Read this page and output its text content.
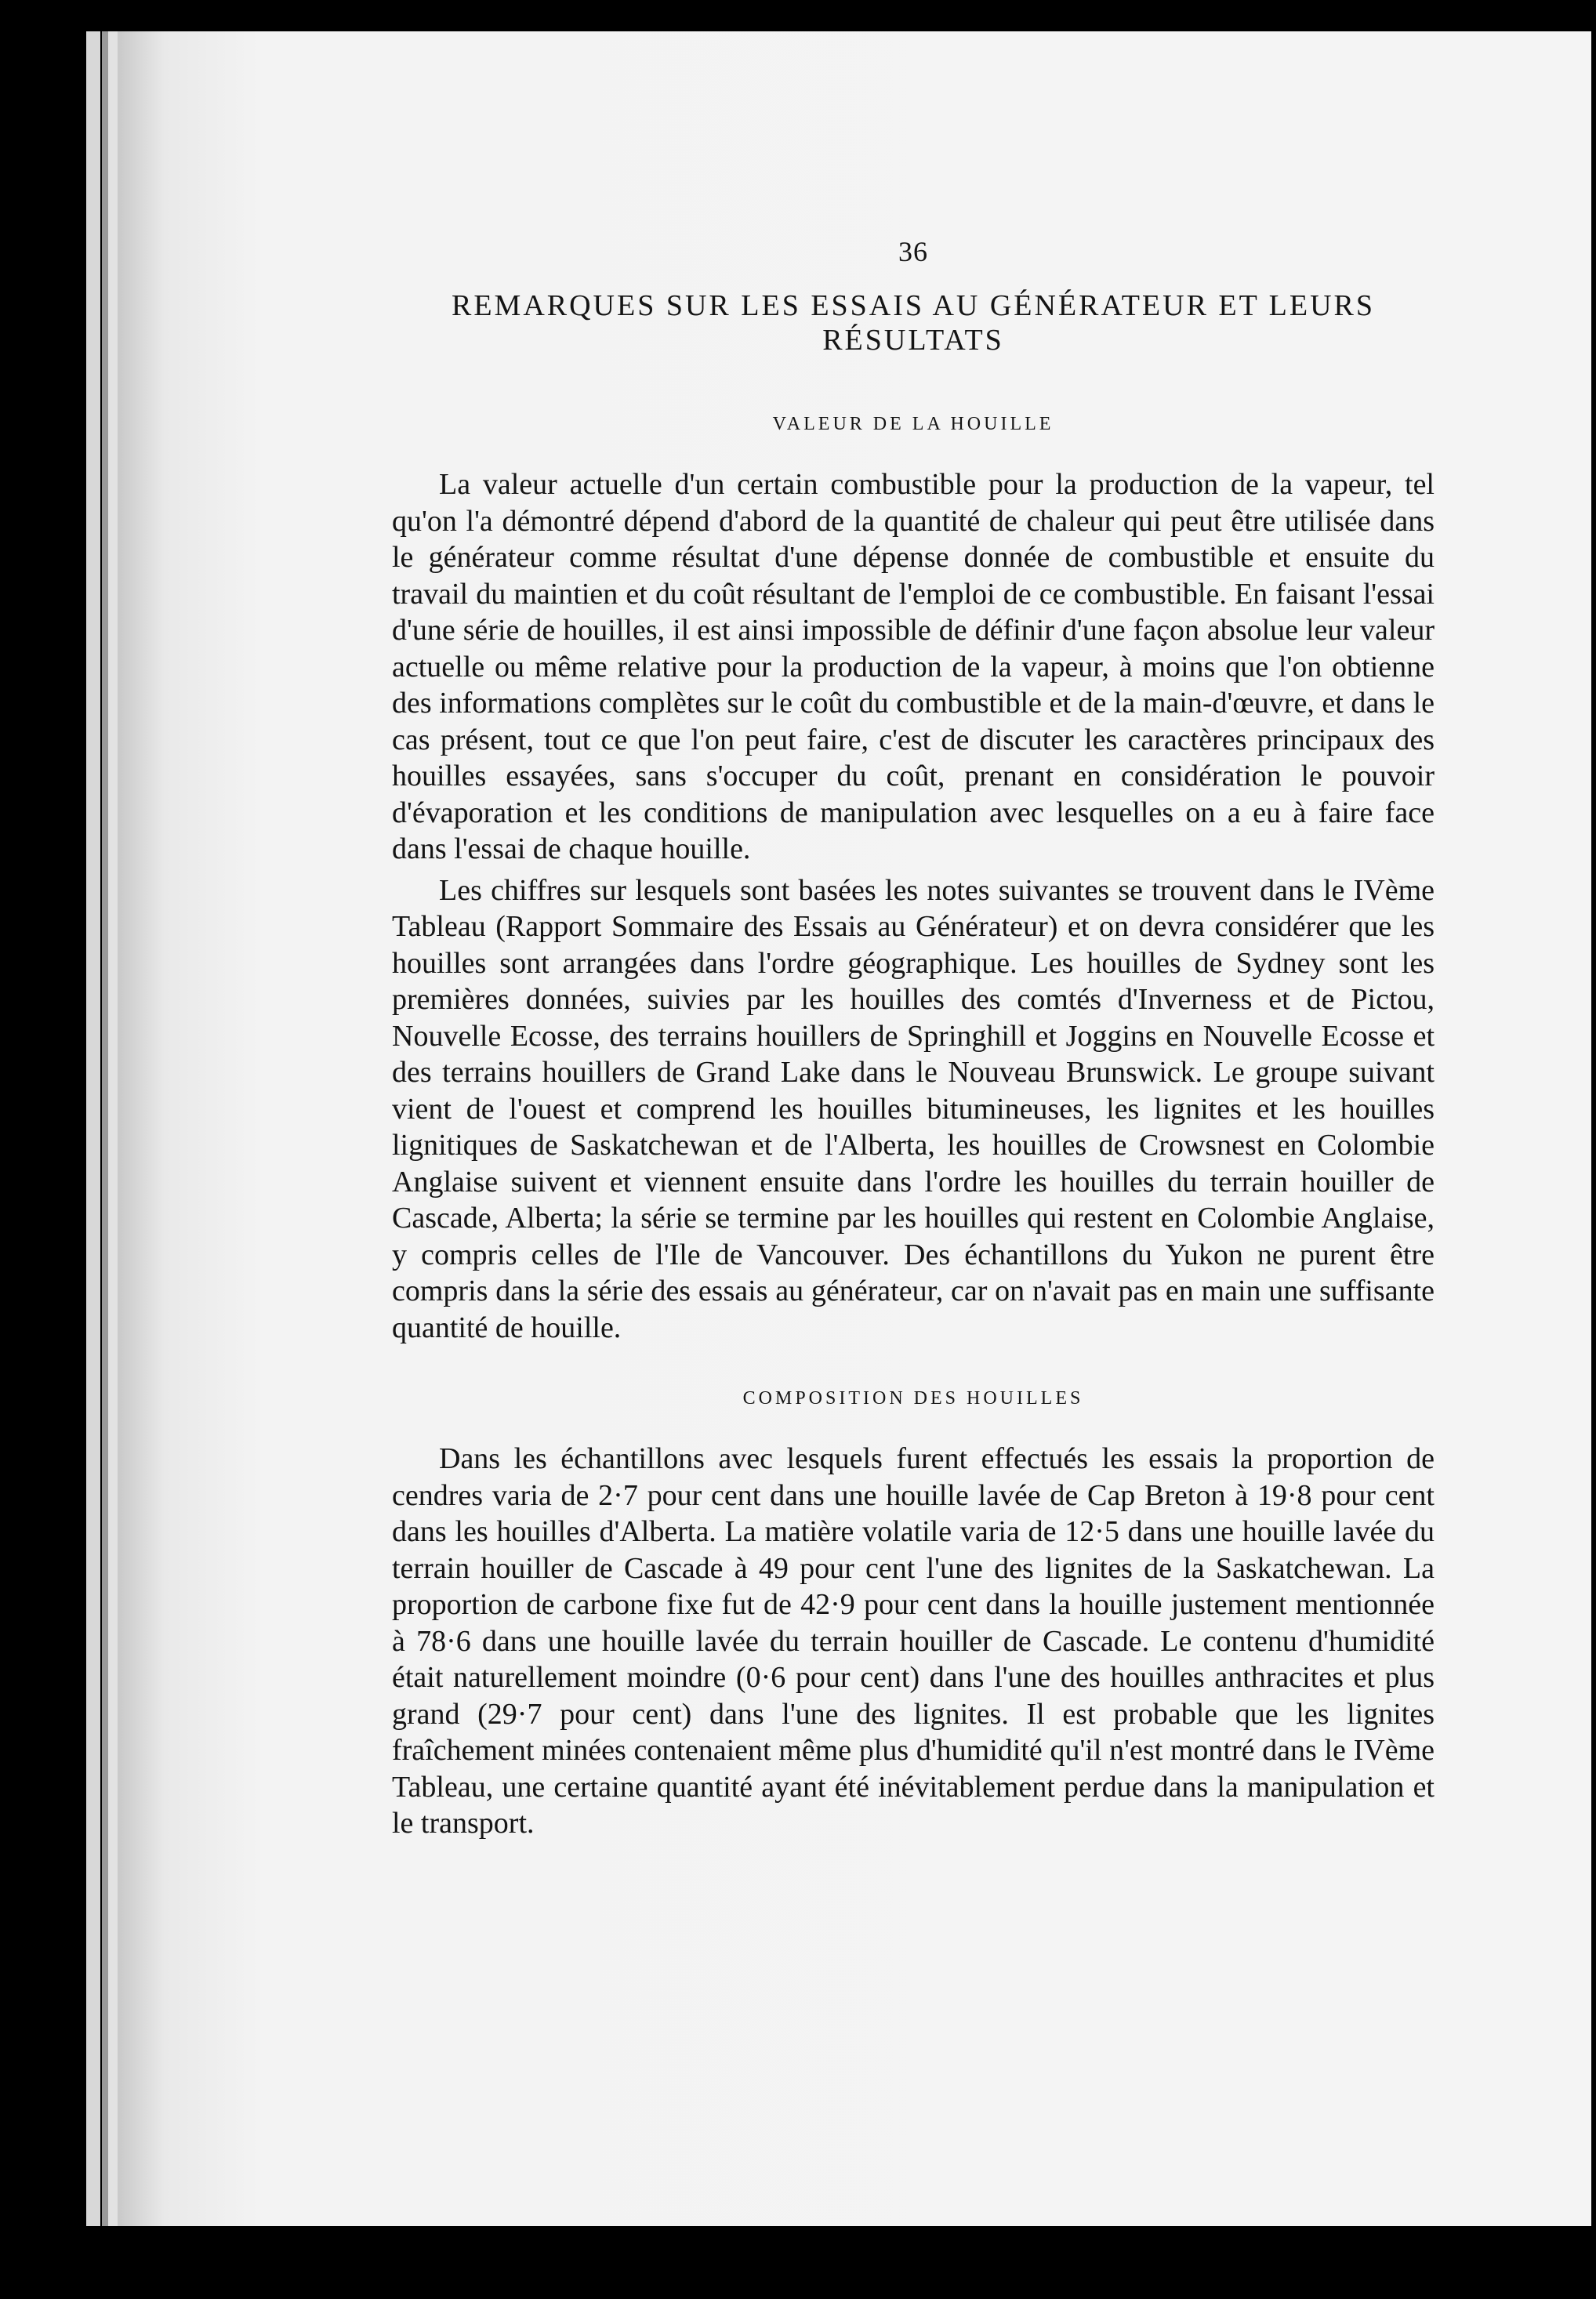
36
REMARQUES SUR LES ESSAIS AU GÉNÉRATEUR ET LEURS RÉSULTATS
VALEUR DE LA HOUILLE

La valeur actuelle d'un certain combustible pour la production de la vapeur, tel qu'on l'a démontré dépend d'abord de la quantité de chaleur qui peut être utilisée dans le générateur comme résultat d'une dépense donnée de combustible et ensuite du travail du maintien et du coût résultant de l'emploi de ce combustible. En faisant l'essai d'une série de houilles, il est ainsi impossible de définir d'une façon absolue leur valeur actuelle ou même relative pour la production de la vapeur, à moins que l'on obtienne des informations complètes sur le coût du combustible et de la main-d'œuvre, et dans le cas présent, tout ce que l'on peut faire, c'est de discuter les caractères principaux des houilles essayées, sans s'occuper du coût, prenant en considération le pouvoir d'évaporation et les conditions de manipulation avec lesquelles on a eu à faire face dans l'essai de chaque houille.

Les chiffres sur lesquels sont basées les notes suivantes se trouvent dans le IVème Tableau (Rapport Sommaire des Essais au Générateur) et on devra considérer que les houilles sont arrangées dans l'ordre géographique. Les houilles de Sydney sont les premières données, suivies par les houilles des comtés d'Inverness et de Pictou, Nouvelle Ecosse, des terrains houillers de Springhill et Joggins en Nouvelle Ecosse et des terrains houillers de Grand Lake dans le Nouveau Brunswick. Le groupe suivant vient de l'ouest et comprend les houilles bitumineuses, les lignites et les houilles lignitiques de Saskatchewan et de l'Alberta, les houilles de Crowsnest en Colombie Anglaise suivent et viennent ensuite dans l'ordre les houilles du terrain houiller de Cascade, Alberta; la série se termine par les houilles qui restent en Colombie Anglaise, y compris celles de l'Ile de Vancouver. Des échantillons du Yukon ne purent être compris dans la série des essais au générateur, car on n'avait pas en main une suffisante quantité de houille.

COMPOSITION DES HOUILLES

Dans les échantillons avec lesquels furent effectués les essais la proportion de cendres varia de 2·7 pour cent dans une houille lavée de Cap Breton à 19·8 pour cent dans les houilles d'Alberta. La matière volatile varia de 12·5 dans une houille lavée du terrain houiller de Cascade à 49 pour cent l'une des lignites de la Saskatchewan. La proportion de carbone fixe fut de 42·9 pour cent dans la houille justement mentionnée à 78·6 dans une houille lavée du terrain houiller de Cascade. Le contenu d'humidité était naturellement moindre (0·6 pour cent) dans l'une des houilles anthracites et plus grand (29·7 pour cent) dans l'une des lignites. Il est probable que les lignites fraîchement minées contenaient même plus d'humidité qu'il n'est montré dans le IVème Tableau, une certaine quantité ayant été inévitablement perdue dans la manipulation et le transport.
